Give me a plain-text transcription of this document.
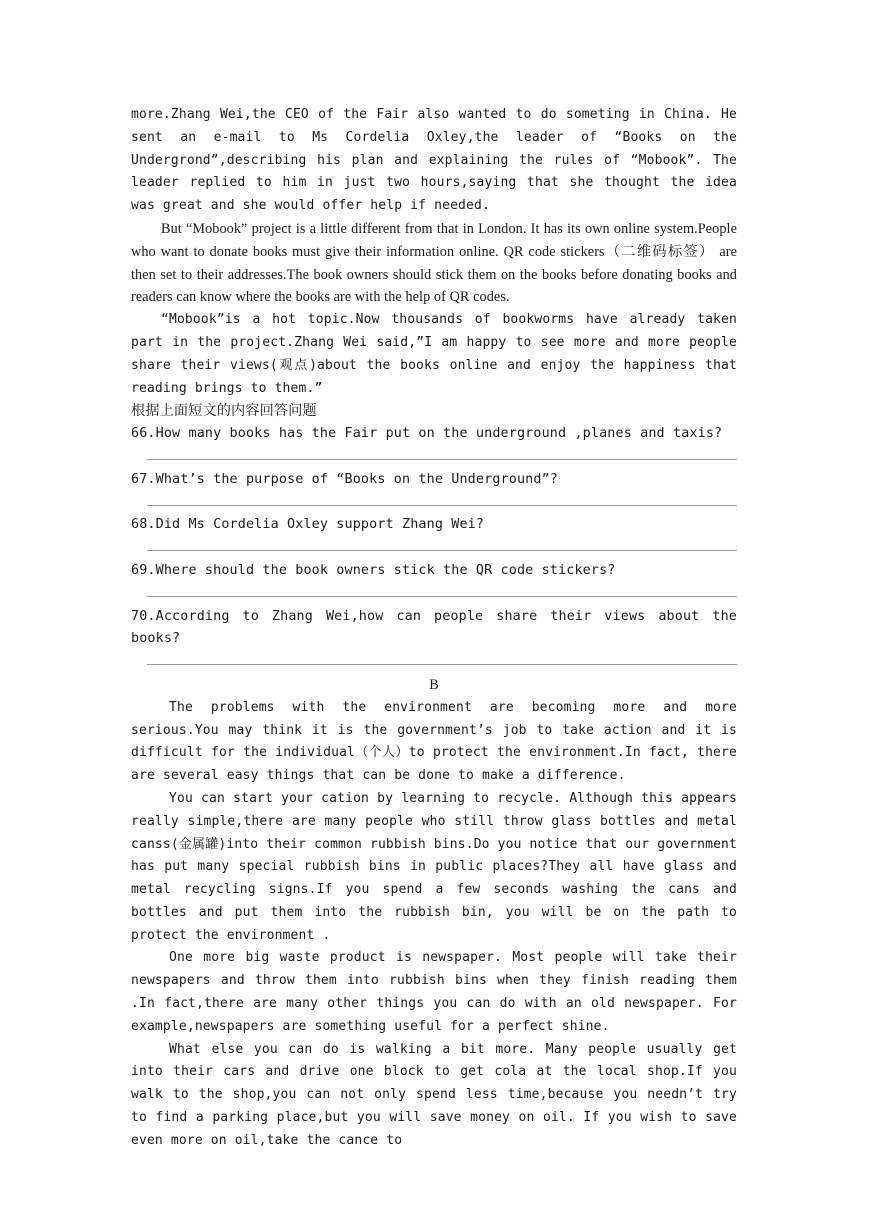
more.Zhang Wei,the CEO of the Fair also wanted to do someting in China. He sent an e-mail to Ms Cordelia Oxley,the leader of “Books on the Undergrond”,describing his plan and explaining the rules of “Mobook”. The leader replied to him in just two hours,saying that she thought the idea was great and she would offer help if needed.

But “Mobook” project is a little different from that in London. It has its own online system.People who want to donate books must give their information online. QR code stickers（二维码标签） are then set to their addresses.The book owners should stick them on the books before donating books and readers can know where the books are with the help of QR codes.

“Mobook”is a hot topic.Now thousands of bookworms have already taken part in the project.Zhang Wei said,”I am happy to see more and more people share their views(观点)about the books online and enjoy the happiness that reading brings to them.”

根据上面短文的内容回答问题

66.How many books has the Fair put on the underground ,planes and taxis?

67.What’s the purpose of “Books on the Underground”?

68.Did Ms Cordelia Oxley support Zhang Wei?

69.Where should the book owners stick the QR code stickers?

70.According to Zhang Wei,how can people share their views about the books?

B

The problems with the environment are becoming more and more serious.You may think it is the government’s job to take action and it is difficult for the individual（个人）to protect the environment.In fact, there are several easy things that can be done to make a difference.

You can start your cation by learning to recycle. Although this appears really simple,there are many people who still throw glass bottles and metal canss(金属罐)into their common rubbish bins.Do you notice that our government has put many special rubbish bins in public places?They all have glass and metal recycling signs.If you spend a few seconds washing the cans and bottles and put them into the rubbish bin, you will be on the path to protect the environment .

One more big waste product is newspaper. Most people will take their newspapers and throw them into rubbish bins when they finish reading them .In fact,there are many other things you can do with an old newspaper. For example,newspapers are something useful for a perfect shine.

What else you can do is walking a bit more. Many people usually get into their cars and drive one block to get cola at the local shop.If you walk to the shop,you can not only spend less time,because you needn’t try to find a parking place,but you will save money on oil. If you wish to save even more on oil,take the cance to
